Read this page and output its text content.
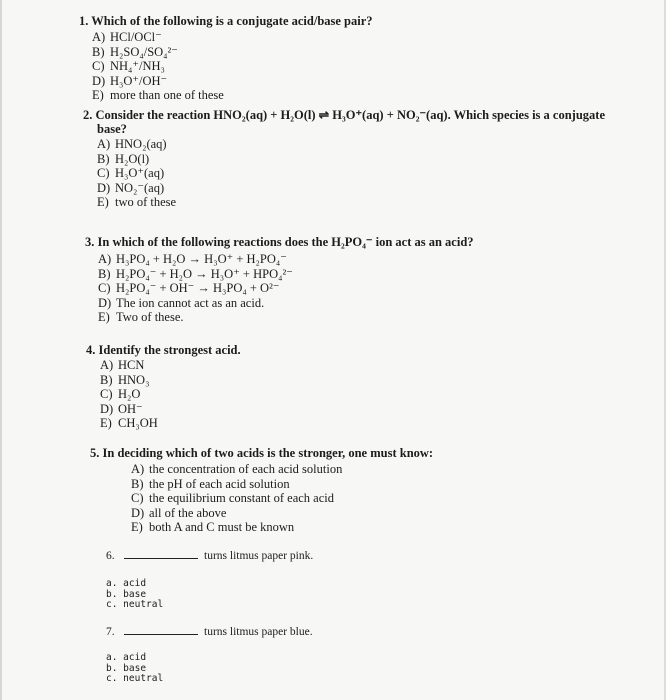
1. Which of the following is a conjugate acid/base pair?
A) HCl/OCl⁻
B) H₂SO₄/SO₄²⁻
C) NH₄⁺/NH₃
D) H₃O⁺/OH⁻
E) more than one of these
2. Consider the reaction HNO₂(aq) + H₂O(l) ⇌ H₃O⁺(aq) + NO₂⁻(aq). Which species is a conjugate
base?
A) HNO₂(aq)
B) H₂O(l)
C) H₃O⁺(aq)
D) NO₂⁻(aq)
E) two of these
3. In which of the following reactions does the H₂PO₄⁻ ion act as an acid?
A) H₃PO₄ + H₂O → H₃O⁺ + H₂PO₄⁻
B) H₂PO₄⁻ + H₂O → H₃O⁺ + HPO₄²⁻
C) H₂PO₄⁻ + OH⁻ → H₃PO₄ + O²⁻
D) The ion cannot act as an acid.
E) Two of these.
4. Identify the strongest acid.
A) HCN
B) HNO₃
C) H₂O
D) OH⁻
E) CH₃OH
5. In deciding which of two acids is the stronger, one must know:
A) the concentration of each acid solution
B) the pH of each acid solution
C) the equilibrium constant of each acid
D) all of the above
E) both A and C must be known
6.	turns litmus paper pink.
a. acid
b. base
c. neutral
7.	turns litmus paper blue.
a. acid
b. base
c. neutral
